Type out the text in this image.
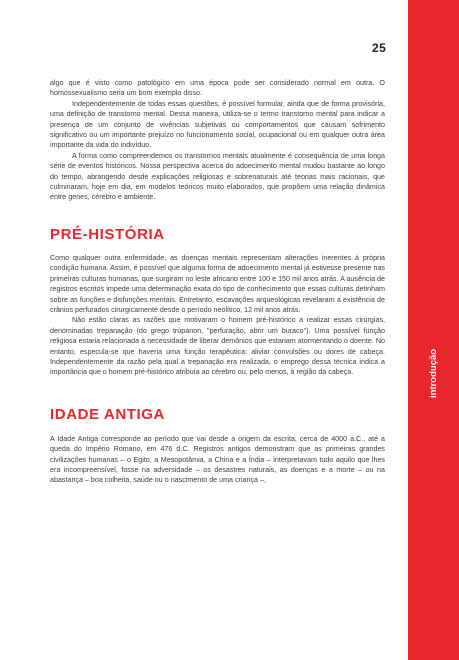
introdução
25

algo que é visto como patológico em uma época pode ser considerado normal em outra. O homossexualismo seria um bom exemplo disso.

Independentemente de todas essas questões, é possível formular, ainda que de forma provisória, uma definição de transtorno mental. Dessa maneira, utiliza-se o termo transtorno mental para indicar a presença de um conjunto de vivências subjetivas ou comportamentos que causam sofrimento significativo ou um importante prejuízo no funcionamento social, ocupacional ou em qualquer outra área importante da vida do indivíduo.

A forma como compreendemos os transtornos mentais atualmente é consequência de uma longa série de eventos históricos. Nossa perspectiva acerca do adoecimento mental mudou bastante ao longo do tempo, abrangendo desde explicações religiosas e sobrenaturais até teorias mais racionais, que culminaram, hoje em dia, em modelos teóricos muito elaborados, que propõem uma relação dinâmica entre genes, cérebro e ambiente.

PRÉ-HISTÓRIA

Como qualquer outra enfermidade, as doenças mentais representam alterações inerentes à própria condição humana. Assim, é possível que alguma forma de adoecimento mental já estivesse presente nas primeiras culturas humanas, que surgiram no leste africano entre 100 e 150 mil anos atrás. A ausência de registros escritos impede uma determinação exata do tipo de conhecimento que essas culturas detinham sobre as funções e disfunções mentais. Entretanto, escavações arqueológicas revelaram a existência de crânios perfurados cirurgicamente desde o período neolítico, 12 mil anos atrás.

Não estão claras as razões que motivaram o homem pré-histórico a realizar essas cirurgias, denominadas trepanação (do grego trúpanon, "perfuração, abrir um buraco"). Uma possível função religiosa estaria relacionada à necessidade de liberar demônios que estariam atormentando o doente. No entanto, especula-se que haveria uma função terapêutica: aliviar convulsões ou dores de cabeça. Independentemente da razão pela qual a trepanação era realizada, o emprego dessa técnica indica a importância que o homem pré-histórico atribuía ao cérebro ou, pelo menos, à região da cabeça.

IDADE ANTIGA

A Idade Antiga corresponde ao período que vai desde a origem da escrita, cerca de 4000 a.C., até a queda do Império Romano, em 476 d.C. Registros antigos demonstram que as primeiras grandes civilizações humanas – o Egito, a Mesopotâmia, a China e a Índia – interpretavam tudo aquilo que lhes era incompreensível, fosse na adversidade – os desastres naturais, as doenças e a morte – ou na abastança – boa colheita, saúde ou o nascimento de uma criança –,
